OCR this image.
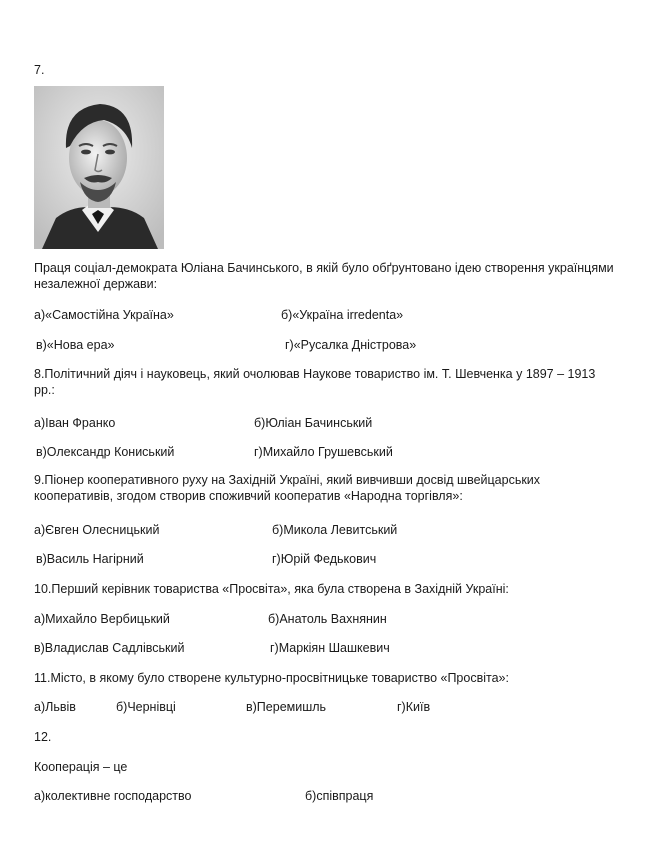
7.
Праця соціал-демократа Юліана Бачинського, в якій було обґрунтовано ідею створення українцями незалежної держави:
а)«Самостійна Україна»	б)«Україна irredenta»
в)«Нова ера»	г)«Русалка Дністрова»
8.Політичний діяч і науковець, який очолював Наукове товариство ім. Т. Шевченка у 1897 – 1913 рр.:
а)Іван Франко	б)Юліан Бачинський
в)Олександр Кониський	г)Михайло Грушевський
9.Піонер кооперативного руху на Західній Україні, який вивчивши досвід швейцарських кооперативів, згодом створив споживчий кооператив «Народна торгівля»:
а)Євген Олесницький	б)Микола Левитський
в)Василь Нагірний	г)Юрій Федькович
10.Перший керівник товариства «Просвіта», яка була створена в Західній Україні:
а)Михайло Вербицький	б)Анатоль Вахнянин
в)Владислав Садлівський	г)Маркіян Шашкевич
11.Місто, в якому було створене культурно-просвітницьке товариство «Просвіта»:
а)Львів	б)Чернівці	в)Перемишль	г)Київ
12.
Кооперація – це
а)колективне господарство	б)співпраця
